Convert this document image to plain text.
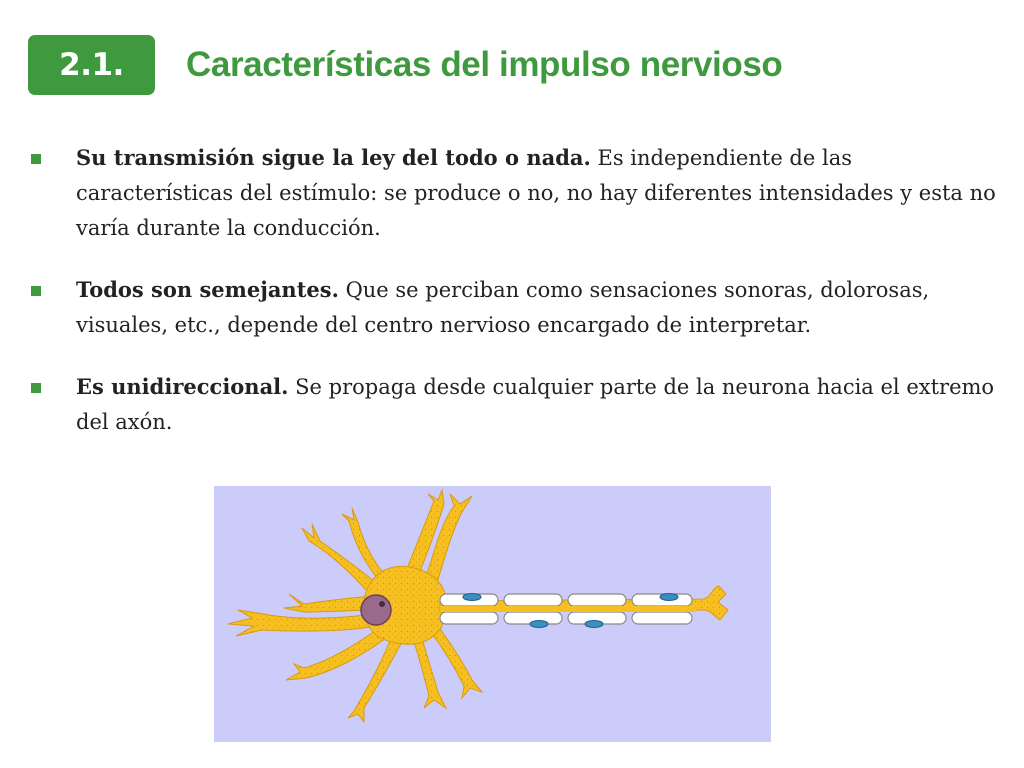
2.1.	Características del impulso nervioso
Su transmisión sigue la ley del todo o nada. Es independiente de las características del estímulo: se produce o no, no hay diferentes intensidades y esta no varía durante la conducción.
Todos son semejantes. Que se perciban como sensaciones sonoras, dolorosas, visuales, etc., depende del centro nervioso encargado de interpretar.
Es unidireccional. Se propaga desde cualquier parte de la neurona hacia el extremo del axón.
